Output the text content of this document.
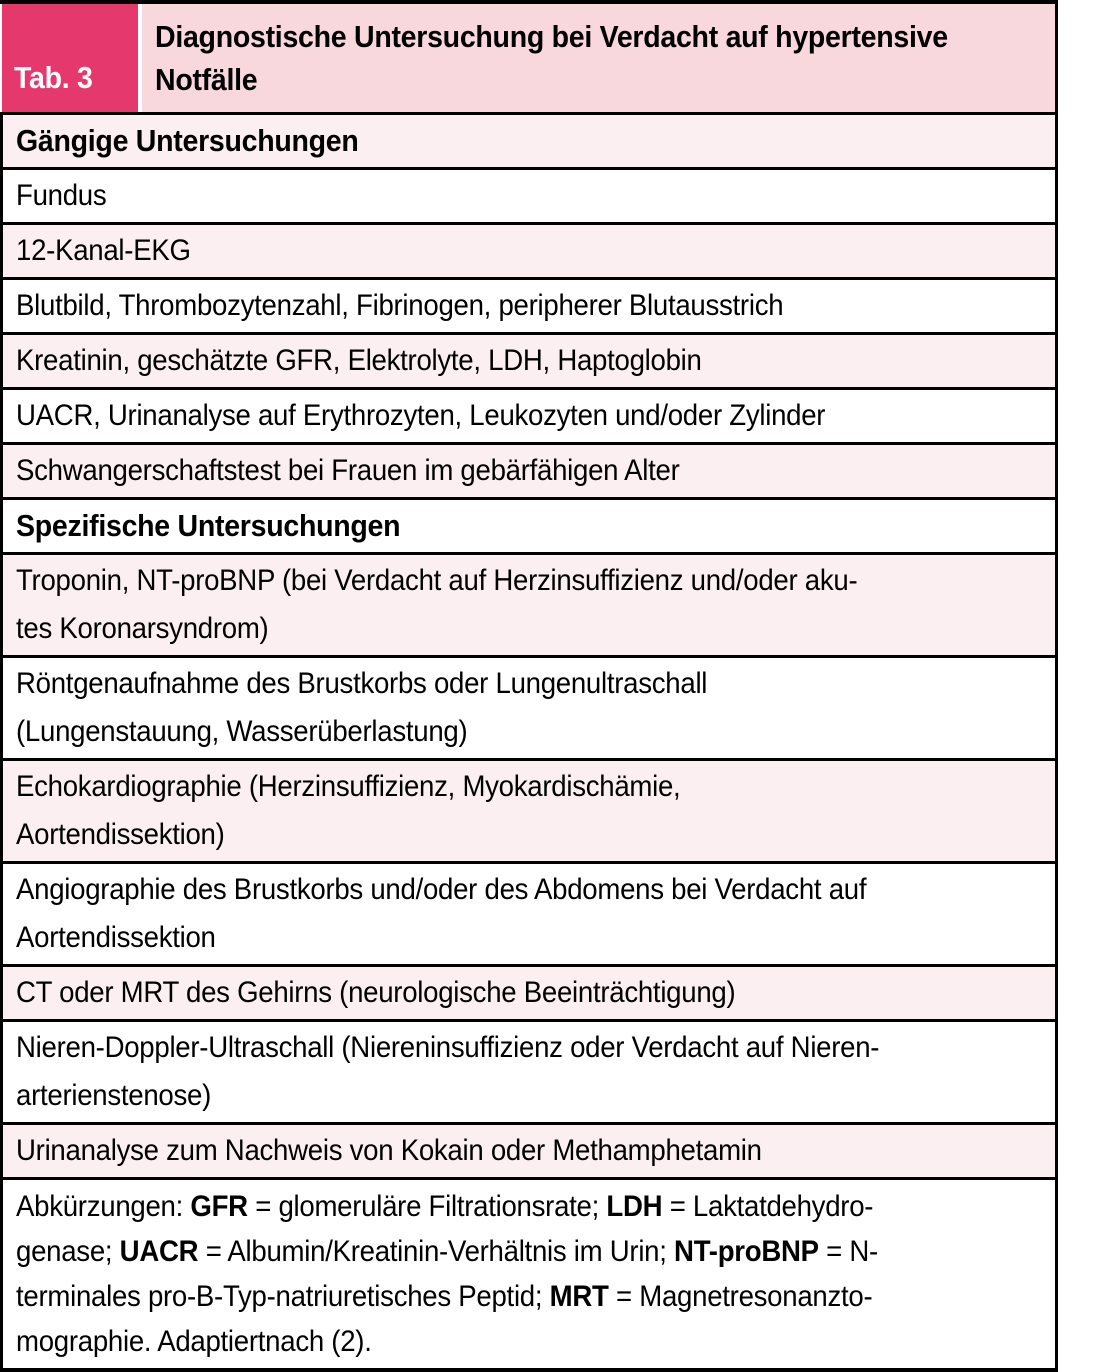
Tab. 3
Diagnostische Untersuchung bei Verdacht auf hypertensive
Notfälle
Gängige Untersuchungen
Fundus
12-Kanal-EKG
Blutbild, Thrombozytenzahl, Fibrinogen, peripherer Blutausstrich
Kreatinin, geschätzte GFR, Elektrolyte, LDH, Haptoglobin
UACR, Urinanalyse auf Erythrozyten, Leukozyten und/oder Zylinder
Schwangerschaftstest bei Frauen im gebärfähigen Alter
Spezifische Untersuchungen
Troponin, NT-proBNP (bei Verdacht auf Herzinsuffizienz und/oder aku-
tes Koronarsyndrom)
Röntgenaufnahme des Brustkorbs oder Lungenultraschall
(Lungenstauung, Wasserüberlastung)
Echokardiographie (Herzinsuffizienz, Myokardischämie,
Aortendissektion)
Angiographie des Brustkorbs und/oder des Abdomens bei Verdacht auf
Aortendissektion
CT oder MRT des Gehirns (neurologische Beeinträchtigung)
Nieren-Doppler-Ultraschall (Niereninsuffizienz oder Verdacht auf Nieren-
arterienstenose)
Urinanalyse zum Nachweis von Kokain oder Methamphetamin
Abkürzungen: GFR = glomeruläre Filtrationsrate; LDH = Laktatdehydro-
genase; UACR = Albumin/Kreatinin-Verhältnis im Urin; NT-proBNP = N-
terminales pro-B-Typ-natriuretisches Peptid; MRT = Magnetresonanzto-
mographie. Adaptiertnach (2).
